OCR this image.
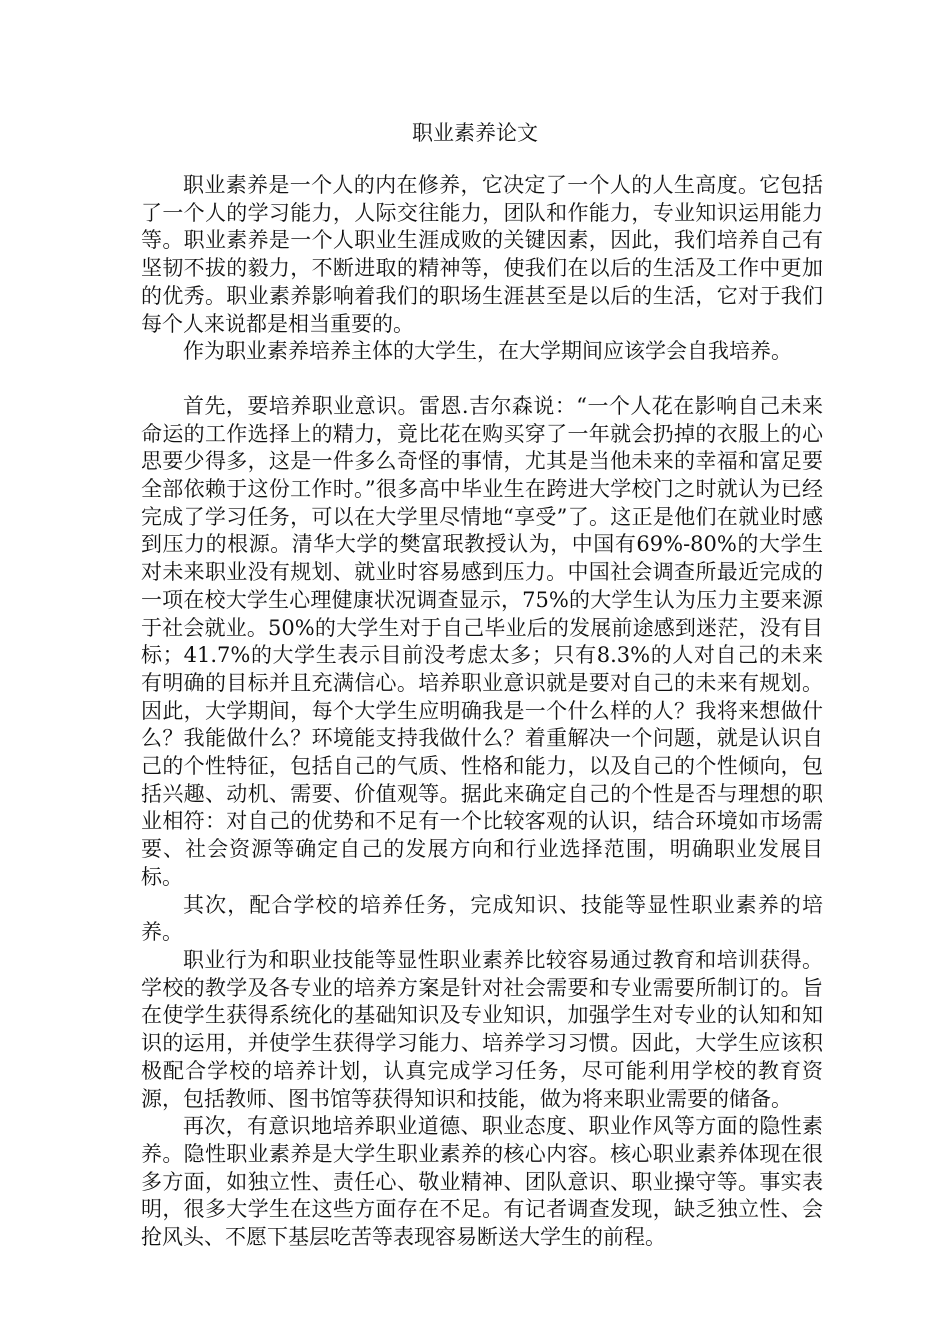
职业素养论文

职业素养是一个人的内在修养，它决定了一个人的人生高度。它包括了一个人的学习能力，人际交往能力，团队和作能力，专业知识运用能力等。职业素养是一个人职业生涯成败的关键因素，因此，我们培养自己有坚韧不拔的毅力，不断进取的精神等，使我们在以后的生活及工作中更加的优秀。职业素养影响着我们的职场生涯甚至是以后的生活，它对于我们每个人来说都是相当重要的。

作为职业素养培养主体的大学生，在大学期间应该学会自我培养。

首先，要培养职业意识。雷恩.吉尔森说：“一个人花在影响自己未来命运的工作选择上的精力，竟比花在购买穿了一年就会扔掉的衣服上的心思要少得多，这是一件多么奇怪的事情，尤其是当他未来的幸福和富足要全部依赖于这份工作时。”很多高中毕业生在跨进大学校门之时就认为已经完成了学习任务，可以在大学里尽情地“享受”了。这正是他们在就业时感到压力的根源。清华大学的樊富珉教授认为，中国有69%-80%的大学生对未来职业没有规划、就业时容易感到压力。中国社会调查所最近完成的一项在校大学生心理健康状况调查显示，75%的大学生认为压力主要来源于社会就业。50%的大学生对于自己毕业后的发展前途感到迷茫，没有目标；41.7%的大学生表示目前没考虑太多；只有8.3%的人对自己的未来有明确的目标并且充满信心。培养职业意识就是要对自己的未来有规划。因此，大学期间，每个大学生应明确我是一个什么样的人？我将来想做什么？我能做什么？环境能支持我做什么？着重解决一个问题，就是认识自己的个性特征，包括自己的气质、性格和能力，以及自己的个性倾向，包括兴趣、动机、需要、价值观等。据此来确定自己的个性是否与理想的职业相符：对自己的优势和不足有一个比较客观的认识，结合环境如市场需要、社会资源等确定自己的发展方向和行业选择范围，明确职业发展目标。

其次，配合学校的培养任务，完成知识、技能等显性职业素养的培养。

职业行为和职业技能等显性职业素养比较容易通过教育和培训获得。学校的教学及各专业的培养方案是针对社会需要和专业需要所制订的。旨在使学生获得系统化的基础知识及专业知识，加强学生对专业的认知和知识的运用，并使学生获得学习能力、培养学习习惯。因此，大学生应该积极配合学校的培养计划，认真完成学习任务，尽可能利用学校的教育资源，包括教师、图书馆等获得知识和技能，做为将来职业需要的储备。

再次，有意识地培养职业道德、职业态度、职业作风等方面的隐性素养。隐性职业素养是大学生职业素养的核心内容。核心职业素养体现在很多方面，如独立性、责任心、敬业精神、团队意识、职业操守等。事实表明，很多大学生在这些方面存在不足。有记者调查发现，缺乏独立性、会抢风头、不愿下基层吃苦等表现容易断送大学生的前程。
